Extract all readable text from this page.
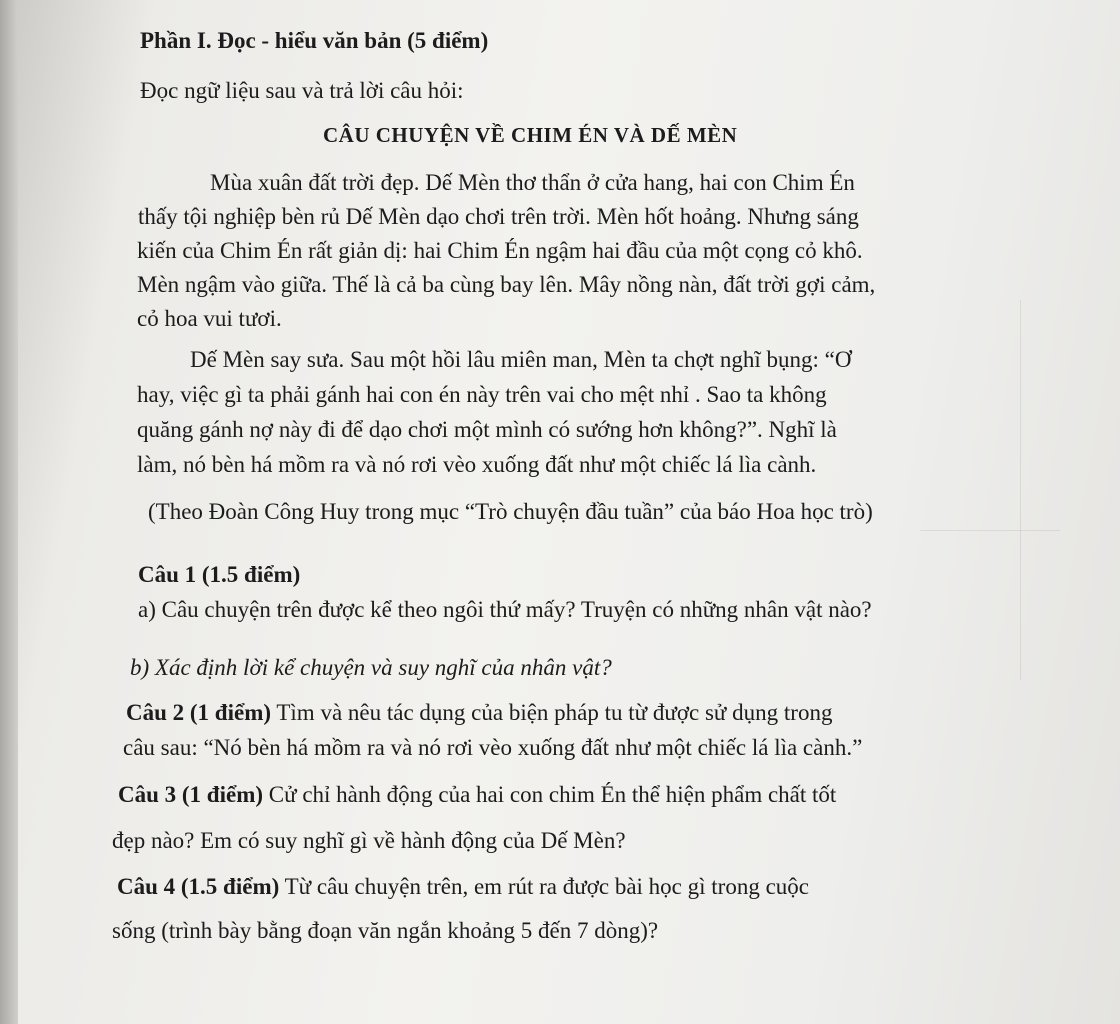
Phần I. Đọc - hiểu văn bản (5 điểm)
Đọc ngữ liệu sau và trả lời câu hỏi:
CÂU CHUYỆN VỀ CHIM ÉN VÀ DẾ MÈN
Mùa xuân đất trời đẹp. Dế Mèn thơ thẩn ở cửa hang, hai con Chim Én
thấy tội nghiệp bèn rủ Dế Mèn dạo chơi trên trời. Mèn hốt hoảng. Nhưng sáng
kiến của Chim Én rất giản dị: hai Chim Én ngậm hai đầu của một cọng cỏ khô.
Mèn ngậm vào giữa. Thế là cả ba cùng bay lên. Mây nồng nàn, đất trời gợi cảm,
cỏ hoa vui tươi.
Dế Mèn say sưa. Sau một hồi lâu miên man, Mèn ta chợt nghĩ bụng: “Ơ
hay, việc gì ta phải gánh hai con én này trên vai cho mệt nhỉ . Sao ta không
quăng gánh nợ này đi để dạo chơi một mình có sướng hơn không?”. Nghĩ là
làm, nó bèn há mồm ra và nó rơi vèo xuống đất như một chiếc lá lìa cành.
(Theo Đoàn Công Huy trong mục “Trò chuyện đầu tuần” của báo Hoa học trò)
Câu 1 (1.5 điểm)
a) Câu chuyện trên được kể theo ngôi thứ mấy? Truyện có những nhân vật nào?
b) Xác định lời kể chuyện và suy nghĩ của nhân vật?
Câu 2 (1 điểm) Tìm và nêu tác dụng của biện pháp tu từ được sử dụng trong
câu sau: “Nó bèn há mồm ra và nó rơi vèo xuống đất như một chiếc lá lìa cành.”
Câu 3 (1 điểm) Cử chỉ hành động của hai con chim Én thể hiện phẩm chất tốt
đẹp nào? Em có suy nghĩ gì về hành động của Dế Mèn?
Câu 4 (1.5 điểm) Từ câu chuyện trên, em rút ra được bài học gì trong cuộc
sống (trình bày bằng đoạn văn ngắn khoảng 5 đến 7 dòng)?
